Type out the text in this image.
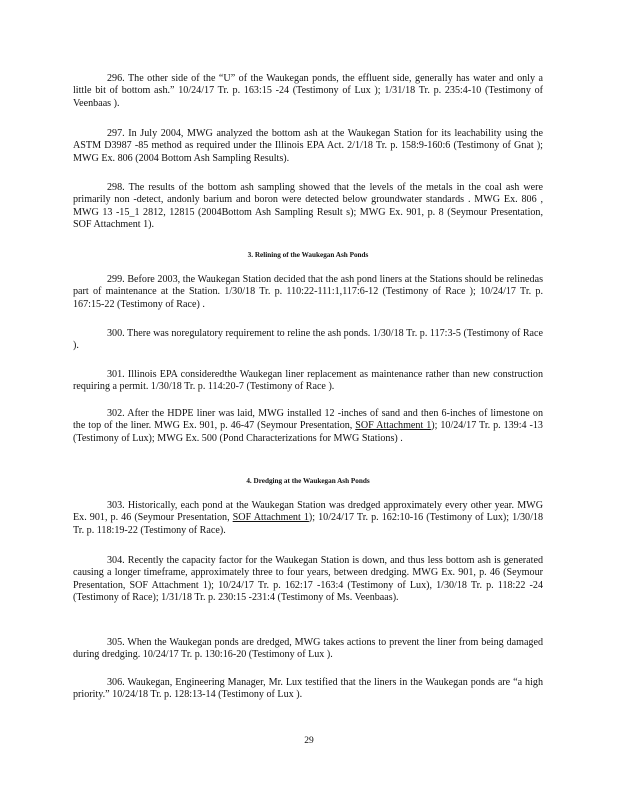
296. The other side of the “U” of the Waukegan ponds, the effluent side, generally has water and only a little bit of bottom ash.” 10/24/17 Tr. p. 163:15 -24 (Testimony of Lux ); 1/31/18 Tr. p. 235:4-10 (Testimony of Veenbaas ).

297. In July 2004, MWG analyzed the bottom ash at the Waukegan Station for its leachability using the ASTM D3987 -85 method as required under the Illinois EPA Act. 2/1/18 Tr. p. 158:9-160:6 (Testimony of Gnat ); MWG Ex. 806 (2004 Bottom Ash Sampling Results).

298. The results of the bottom ash sampling showed that the levels of the metals in the coal ash were primarily non -detect, andonly barium and boron were detected below groundwater standards . MWG Ex. 806 , MWG 13 -15_1 2812, 12815 (2004Bottom Ash Sampling Result s); MWG Ex. 901, p. 8 (Seymour Presentation, SOF Attachment 1).

3. Relining of the Waukegan Ash Ponds

299. Before 2003, the Waukegan Station decided that the ash pond liners at the Stations should be relinedas part of maintenance at the Station. 1/30/18 Tr. p. 110:22-111:1,117:6-12 (Testimony of Race ); 10/24/17 Tr. p. 167:15-22 (Testimony of Race) .

300. There was noregulatory requirement to reline the ash ponds. 1/30/18 Tr. p. 117:3-5 (Testimony of Race ).

301. Illinois EPA consideredthe Waukegan liner replacement as maintenance rather than new construction requiring a permit. 1/30/18 Tr. p. 114:20-7 (Testimony of Race ).

302. After the HDPE liner was laid, MWG installed 12 -inches of sand and then 6-inches of limestone on the top of the liner. MWG Ex. 901, p. 46-47 (Seymour Presentation, SOF Attachment 1); 10/24/17 Tr. p. 139:4 -13 (Testimony of Lux); MWG Ex. 500 (Pond Characterizations for MWG Stations) .

4. Dredging at the Waukegan Ash Ponds

303. Historically, each pond at the Waukegan Station was dredged approximately every other year. MWG Ex. 901, p. 46 (Seymour Presentation, SOF Attachment 1); 10/24/17 Tr. p. 162:10-16 (Testimony of Lux); 1/30/18 Tr. p. 118:19-22 (Testimony of Race).

304. Recently the capacity factor for the Waukegan Station is down, and thus less bottom ash is generated causing a longer timeframe, approximately three to four years, between dredging. MWG Ex. 901, p. 46 (Seymour Presentation, SOF Attachment 1); 10/24/17 Tr. p. 162:17 -163:4 (Testimony of Lux), 1/30/18 Tr. p. 118:22 -24 (Testimony of Race); 1/31/18 Tr. p. 230:15 -231:4 (Testimony of Ms. Veenbaas).

305. When the Waukegan ponds are dredged, MWG takes actions to prevent the liner from being damaged during dredging. 10/24/17 Tr. p. 130:16-20 (Testimony of Lux ).

306. Waukegan, Engineering Manager, Mr. Lux testified that the liners in the Waukegan ponds are “a high priority.” 10/24/18 Tr. p. 128:13-14 (Testimony of Lux ).

29
